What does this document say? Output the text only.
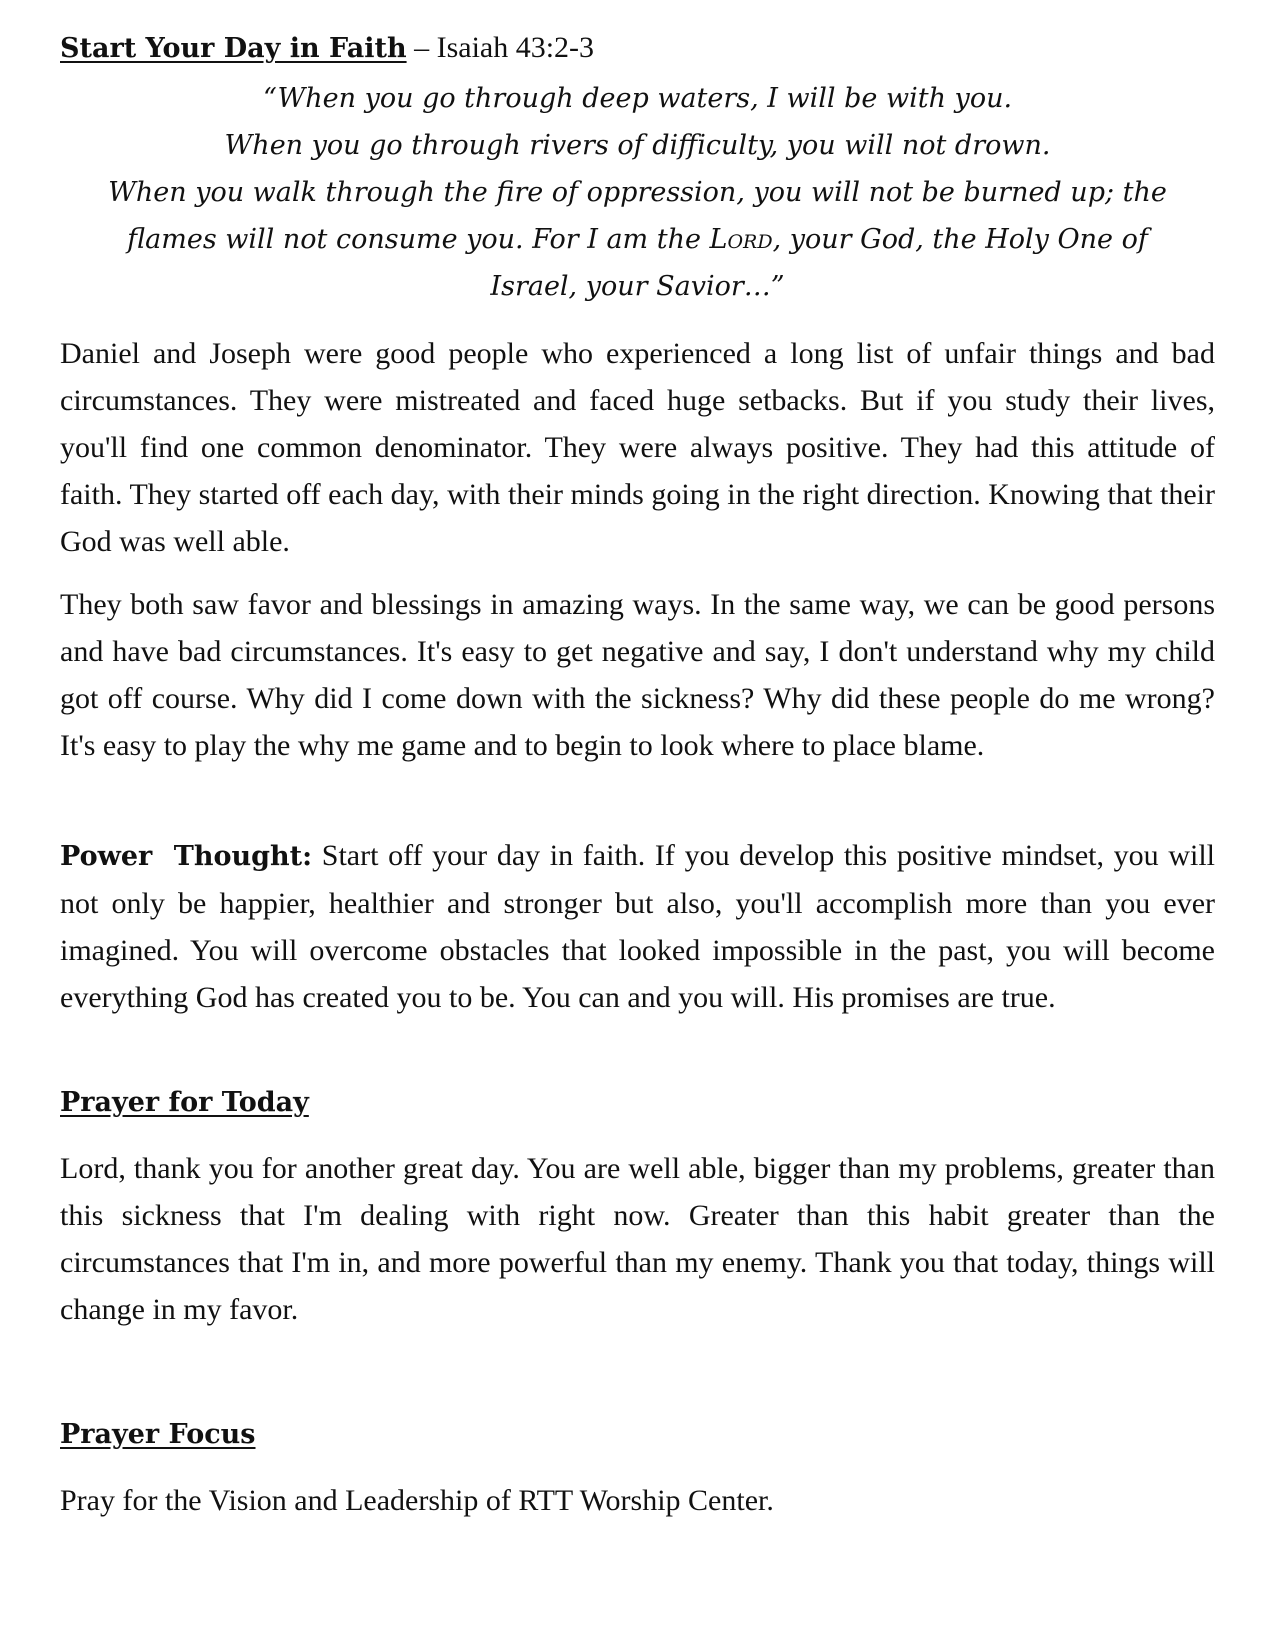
Start Your Day in Faith – Isaiah 43:2-3

“When you go through deep waters, I will be with you.
When you go through rivers of difficulty, you will not drown.
When you walk through the fire of oppression, you will not be burned up; the flames will not consume you. For I am the Lord, your God, the Holy One of Israel, your Savior…”

Daniel and Joseph were good people who experienced a long list of unfair things and bad circumstances. They were mistreated and faced huge setbacks. But if you study their lives, you'll find one common denominator. They were always positive. They had this attitude of faith. They started off each day, with their minds going in the right direction. Knowing that their God was well able.

They both saw favor and blessings in amazing ways. In the same way, we can be good persons and have bad circumstances. It's easy to get negative and say, I don't understand why my child got off course. Why did I come down with the sickness? Why did these people do me wrong? It's easy to play the why me game and to begin to look where to place blame.

Power Thought: Start off your day in faith. If you develop this positive mindset, you will not only be happier, healthier and stronger but also, you'll accomplish more than you ever imagined. You will overcome obstacles that looked impossible in the past, you will become everything God has created you to be. You can and you will. His promises are true.

Prayer for Today

Lord, thank you for another great day. You are well able, bigger than my problems, greater than this sickness that I'm dealing with right now. Greater than this habit greater than the circumstances that I'm in, and more powerful than my enemy. Thank you that today, things will change in my favor.

Prayer Focus

Pray for the Vision and Leadership of RTT Worship Center.
